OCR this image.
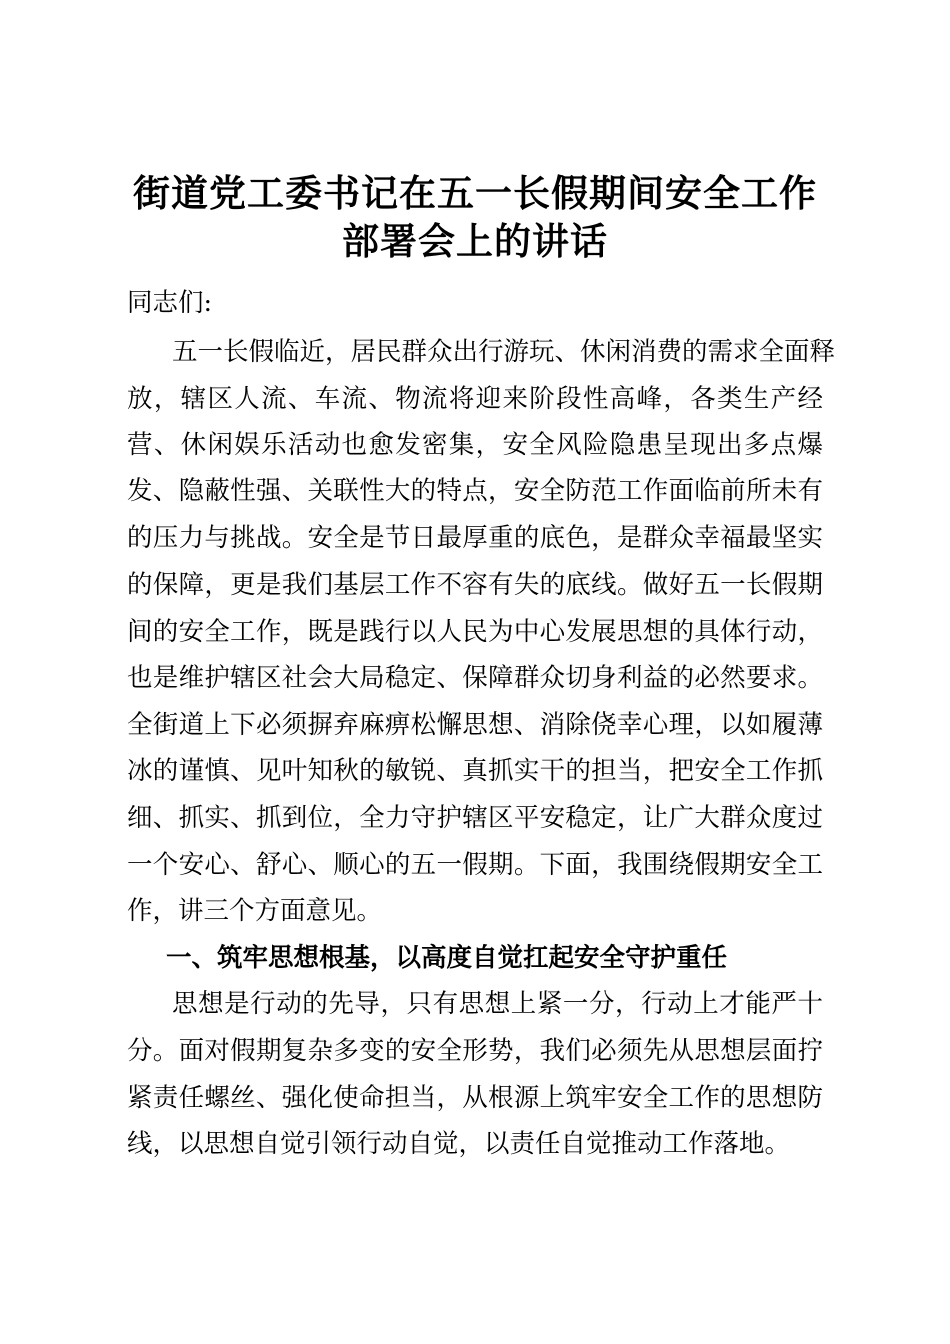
街道党工委书记在五一长假期间安全工作
部署会上的讲话

同志们:

五一长假临近，居民群众出行游玩、休闲消费的需求全面释

放，辖区人流、车流、物流将迎来阶段性高峰，各类生产经

营、休闲娱乐活动也愈发密集，安全风险隐患呈现出多点爆

发、隐蔽性强、关联性大的特点，安全防范工作面临前所未有

的压力与挑战。安全是节日最厚重的底色，是群众幸福最坚实

的保障，更是我们基层工作不容有失的底线。做好五一长假期

间的安全工作，既是践行以人民为中心发展思想的具体行动，

也是维护辖区社会大局稳定、保障群众切身利益的必然要求。

全街道上下必须摒弃麻痹松懈思想、消除侥幸心理，以如履薄

冰的谨慎、见叶知秋的敏锐、真抓实干的担当，把安全工作抓

细、抓实、抓到位，全力守护辖区平安稳定，让广大群众度过

一个安心、舒心、顺心的五一假期。下面，我围绕假期安全工

作，讲三个方面意见。

一、筑牢思想根基，以高度自觉扛起安全守护重任

思想是行动的先导，只有思想上紧一分，行动上才能严十

分。面对假期复杂多变的安全形势，我们必须先从思想层面拧

紧责任螺丝、强化使命担当，从根源上筑牢安全工作的思想防

线，以思想自觉引领行动自觉，以责任自觉推动工作落地。
